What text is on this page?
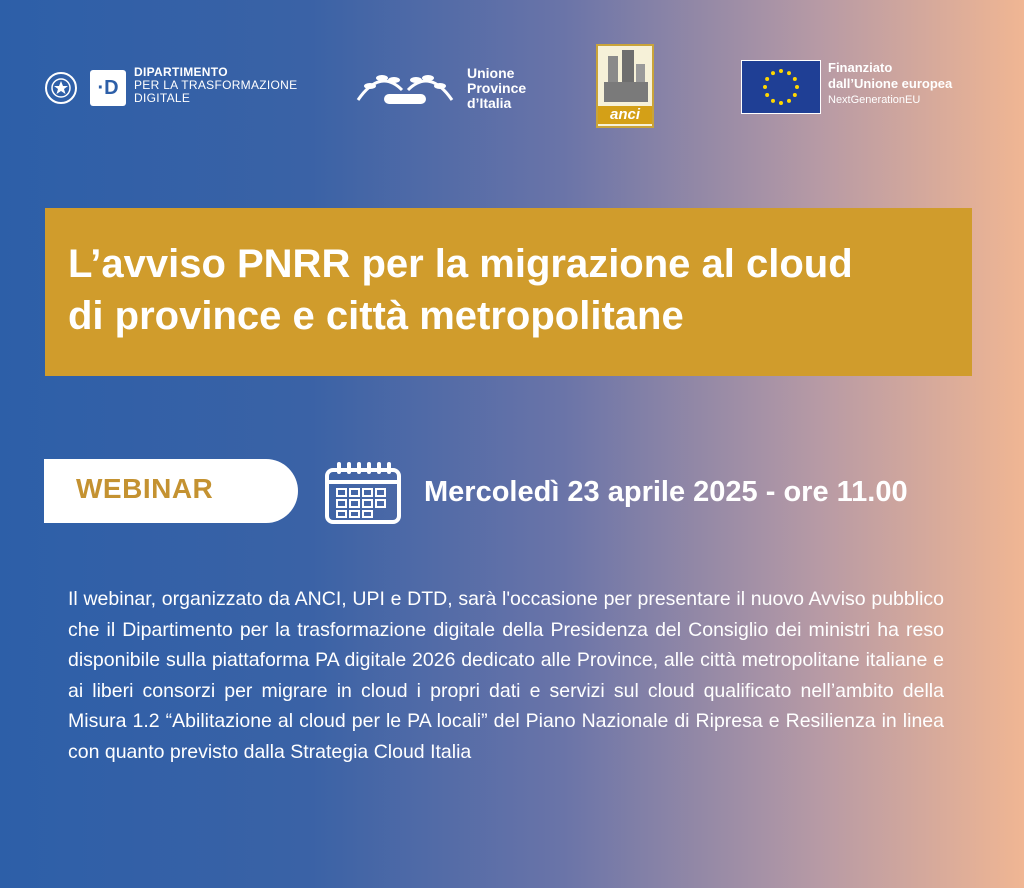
·D
DIPARTIMENTO
PER LA TRASFORMAZIONE
DIGITALE
Unione
Province
d’Italia
anci
Finanziato
dall’Unione europea
NextGenerationEU
L’avviso PNRR per la migrazione al cloud
di province e città metropolitane
WEBINAR	Mercoledì 23 aprile 2025 - ore 11.00

Il webinar, organizzato da ANCI, UPI e DTD, sarà l'occasione per presentare il nuovo Avviso pubblico che il Dipartimento per la trasformazione digitale della Presidenza del Consiglio dei ministri ha reso disponibile sulla piattaforma PA digitale 2026 dedicato alle Province, alle città metropolitane italiane e ai liberi consorzi per migrare in cloud i propri dati e servizi sul cloud qualificato nell’ambito della Misura 1.2 “Abilitazione al cloud per le PA locali” del Piano Nazionale di Ripresa e Resilienza in linea con quanto previsto dalla Strategia Cloud Italia
